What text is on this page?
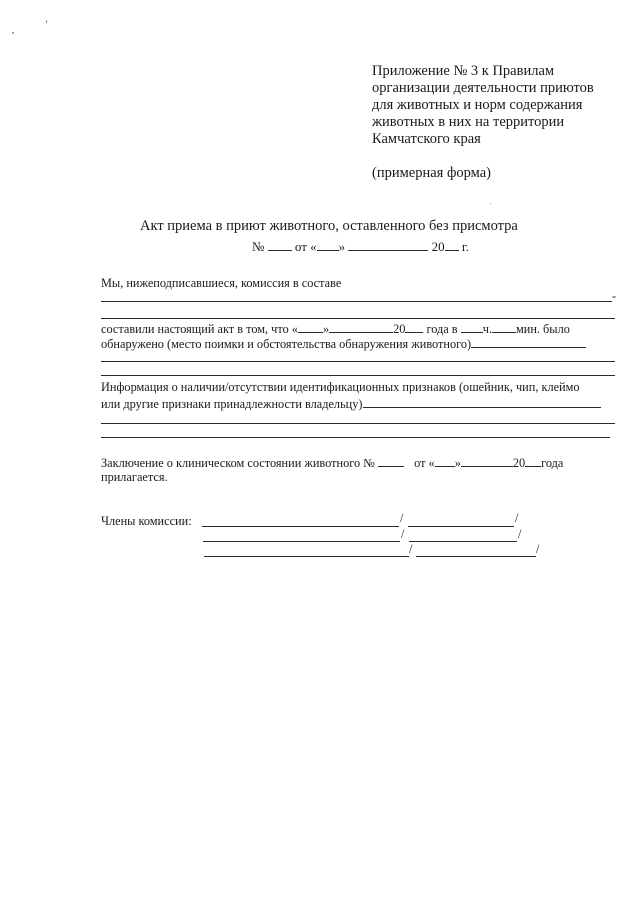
Приложение № 3 к Правилам
организации деятельности приютов
для животных и норм содержания
животных в них на территории
Камчатского края
(примерная форма)
Акт приема в приют животного, оставленного без присмотра
№ от « »	20 г.
Мы, нижеподписавшиеся, комиссия в составе
-
составили настоящий акт в том, что « »	20 года в ч. мин. было
обнаружено (место поимки и обстоятельства обнаружения животного)
Информация о наличии/отсутствии идентификационных признаков (ошейник, чип, клеймо
или другие признаки принадлежности владельцу)
Заключение о клиническом состоянии животного №	от « »	20 года
прилагается.
Члены комиссии:	/	/
/	/
/	/
